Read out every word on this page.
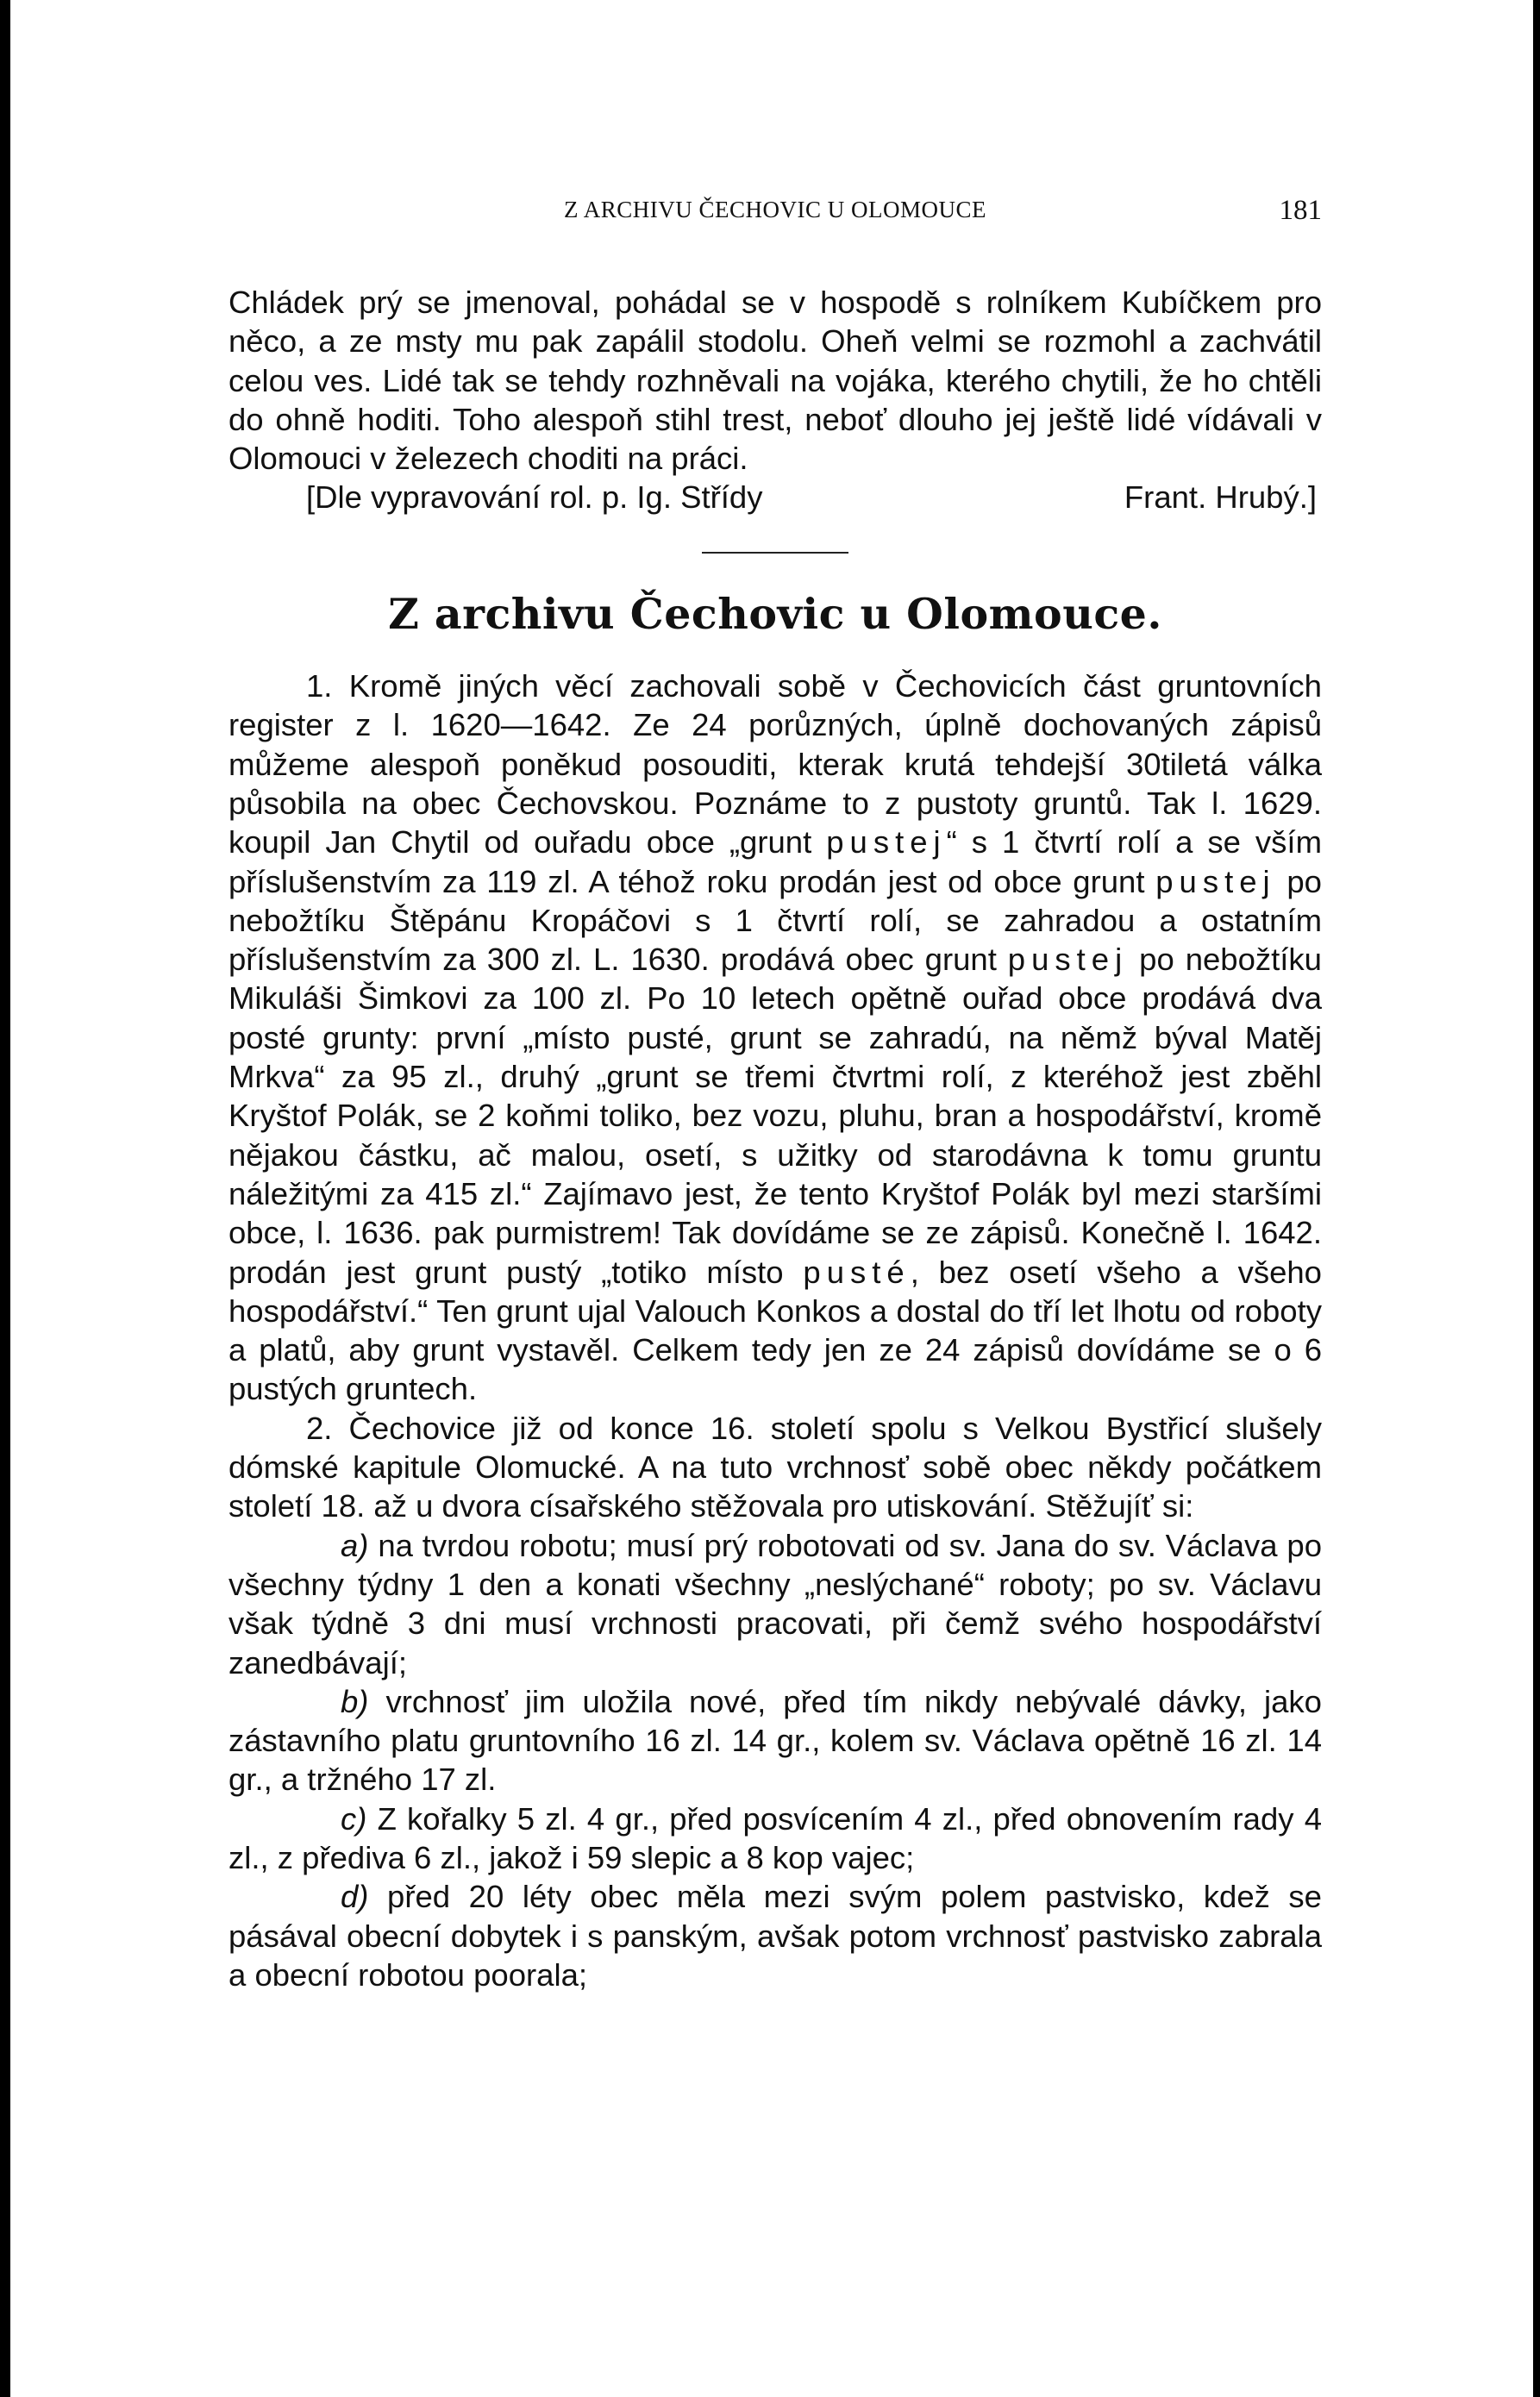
Z ARCHIVU ČECHOVIC U OLOMOUCE	181

Chládek prý se jmenoval, pohádal se v hospodě s rolníkem Kubíčkem pro něco, a ze msty mu pak zapálil stodolu. Oheň velmi se rozmohl a zachvátil celou ves. Lidé tak se tehdy rozhněvali na vojáka, kterého chytili, že ho chtěli do ohně hoditi. Toho alespoň stihl trest, neboť dlouho jej ještě lidé vídávali v Olomouci v železech choditi na práci.

[Dle vypravování rol. p. Ig. Střídy	Frant. Hrubý.]
Z archivu Čechovic u Olomouce.

1. Kromě jiných věcí zachovali sobě v Čechovicích část gruntovních register z l. 1620—1642. Ze 24 porůzných, úplně dochovaných zápisů můžeme alespoň poněkud posouditi, kterak krutá tehdejší 30tiletá válka působila na obec Čechovskou. Poznáme to z pustoty gruntů. Tak l. 1629. koupil Jan Chytil od ouřadu obce „grunt pustej“ s 1 čtvrtí rolí a se vším příslušenstvím za 119 zl. A téhož roku prodán jest od obce grunt pustej po nebožtíku Štěpánu Kropáčovi s 1 čtvrtí rolí, se zahradou a ostatním příslušenstvím za 300 zl. L. 1630. prodává obec grunt pustej po nebožtíku Mikuláši Šimkovi za 100 zl. Po 10 letech opětně ouřad obce prodává dva posté grunty: první „místo pusté, grunt se zahradú, na němž býval Matěj Mrkva“ za 95 zl., druhý „grunt se třemi čtvrtmi rolí, z kteréhož jest zběhl Kryštof Polák, se 2 koňmi toliko, bez vozu, pluhu, bran a hospodářství, kromě nějakou částku, ač malou, osetí, s užitky od starodávna k tomu gruntu náležitými za 415 zl.“ Zajímavo jest, že tento Kryštof Polák byl mezi staršími obce, l. 1636. pak purmistrem! Tak dovídáme se ze zápisů. Konečně l. 1642. prodán jest grunt pustý „totiko místo pusté, bez osetí všeho a všeho hospodářství.“ Ten grunt ujal Valouch Konkos a dostal do tří let lhotu od roboty a platů, aby grunt vystavěl. Celkem tedy jen ze 24 zápisů dovídáme se o 6 pustých gruntech.

2. Čechovice již od konce 16. století spolu s Velkou Bystřicí slušely dómské kapitule Olomucké. A na tuto vrchnosť sobě obec někdy počátkem století 18. až u dvora císařského stěžovala pro utiskování. Stěžujíť si:

a) na tvrdou robotu; musí prý robotovati od sv. Jana do sv. Václava po všechny týdny 1 den a konati všechny „neslýchané“ roboty; po sv. Václavu však týdně 3 dni musí vrchnosti pracovati, při čemž svého hospodářství zanedbávají;

b) vrchnosť jim uložila nové, před tím nikdy nebývalé dávky, jako zástavního platu gruntovního 16 zl. 14 gr., kolem sv. Václava opětně 16 zl. 14 gr., a tržného 17 zl.

c) Z kořalky 5 zl. 4 gr., před posvícením 4 zl., před obnovením rady 4 zl., z přediva 6 zl., jakož i 59 slepic a 8 kop vajec;

d) před 20 léty obec měla mezi svým polem pastvisko, kdež se pásával obecní dobytek i s panským, avšak potom vrchnosť pastvisko zabrala a obecní robotou poorala;
